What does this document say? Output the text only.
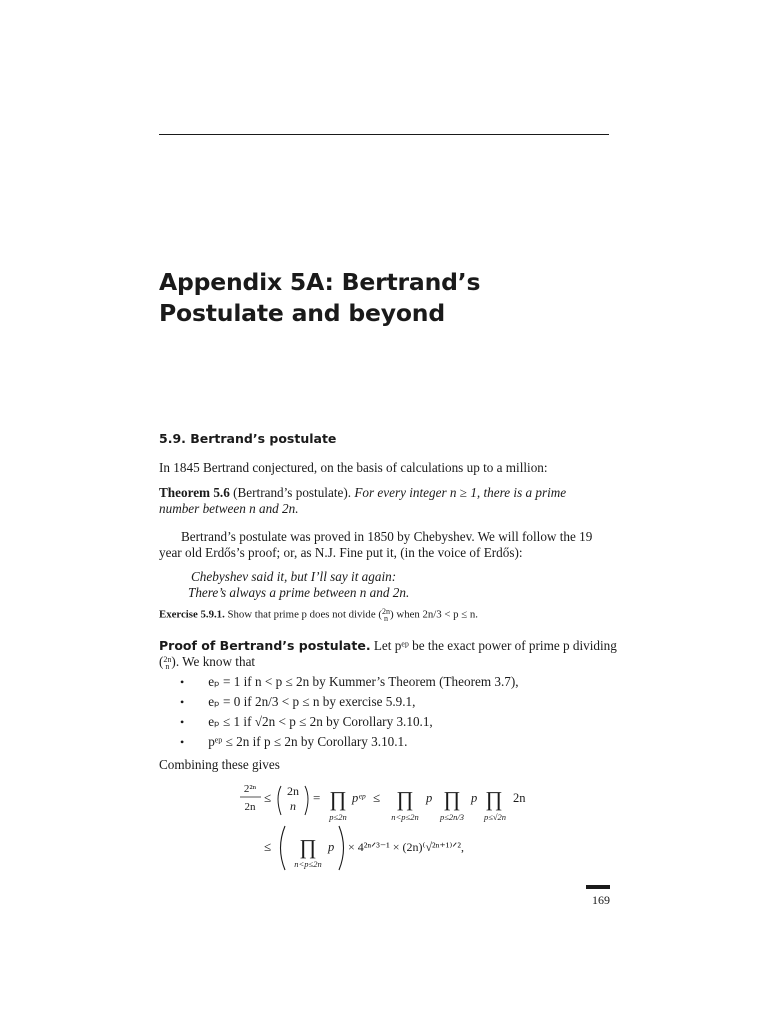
Appendix 5A: Bertrand’s
Postulate and beyond
5.9. Bertrand’s postulate
In 1845 Bertrand conjectured, on the basis of calculations up to a million:
Theorem 5.6 (Bertrand’s postulate). For every integer n ≥ 1, there is a prime
number between n and 2n.
Bertrand’s postulate was proved in 1850 by Chebyshev. We will follow the 19
year old Erdős’s proof; or, as N.J. Fine put it, (in the voice of Erdős):
Chebyshev said it, but I’ll say it again:
There’s always a prime between n and 2n.
Exercise 5.9.1. Show that prime p does not divide ( 2n
n ) when 2n/3 < p ≤ n.
Proof of Bertrand’s postulate. Let pᵉᵖ be the exact power of prime p dividing
( 2n
n ). We know that
• eₚ = 1 if n < p ≤ 2n by Kummer’s Theorem (Theorem 3.7),
• eₚ = 0 if 2n/3 < p ≤ n by exercise 5.9.1,
• eₚ ≤ 1 if √2n < p ≤ 2n by Corollary 3.10.1,
• pᵉᵖ ≤ 2n if p ≤ 2n by Corollary 3.10.1.
Combining these gives
2²ⁿ
2n
≤ 2n
n
= ∏
p≤2n
pᵉᵖ ≤ ∏
n<p≤2n
p ∏
p≤2n/3
p ∏
p≤√2n
2n
≤ ∏
n<p≤2n
p × 4²ⁿᐟ³⁻¹ × (2n)⁽√²ⁿ⁺¹⁾ᐟ²,
169
